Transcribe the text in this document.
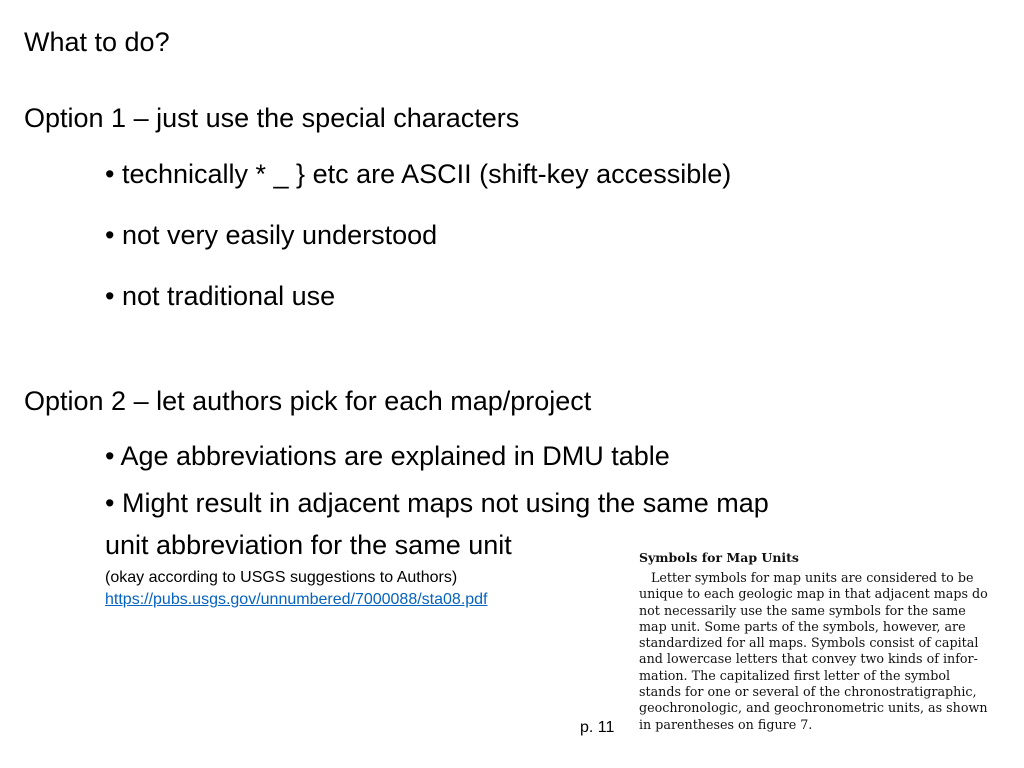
What to do?
Option 1 – just use the special characters
• technically * _ } etc are ASCII (shift-key accessible)
• not very easily understood
• not traditional use
Option 2 – let authors pick for each map/project
• Age abbreviations are explained in DMU table
• Might result in adjacent maps not using the same map
unit abbreviation for the same unit
(okay according to USGS suggestions to Authors)
https://pubs.usgs.gov/unnumbered/7000088/sta08.pdf
p. 11
Symbols for Map Units
Letter symbols for map units are considered to be
unique to each geologic map in that adjacent maps do
not necessarily use the same symbols for the same
map unit. Some parts of the symbols, however, are
standardized for all maps. Symbols consist of capital
and lowercase letters that convey two kinds of infor-
mation. The capitalized first letter of the symbol
stands for one or several of the chronostratigraphic,
geochronologic, and geochronometric units, as shown
in parentheses on figure 7.
